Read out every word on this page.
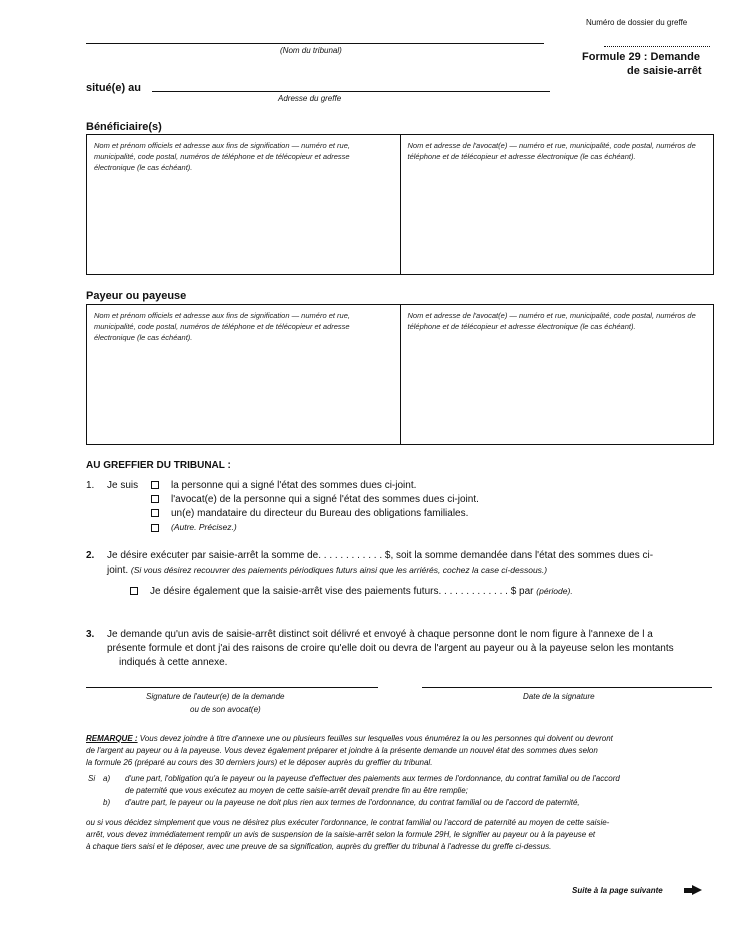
Numéro de dossier du greffe
(Nom du tribunal)
Formule 29 : Demande
de saisie-arrêt
situé(e) au
Adresse du greffe
Bénéficiaire(s)
Nom et prénom officiels et adresse aux fins de signification — numéro et rue, municipalité, code postal, numéros de téléphone et de télécopieur et adresse électronique (le cas échéant).
Nom et adresse de l'avocat(e) — numéro et rue, municipalité, code postal, numéros de téléphone et de télécopieur et adresse électronique (le cas échéant).
Payeur ou payeuse
Nom et prénom officiels et adresse aux fins de signification — numéro et rue, municipalité, code postal, numéros de téléphone et de télécopieur et adresse électronique (le cas échéant).
Nom et adresse de l'avocat(e) — numéro et rue, municipalité, code postal, numéros de téléphone et de télécopieur et adresse électronique (le cas échéant).
AU GREFFIER DU TRIBUNAL :
1. Je suis	la personne qui a signé l'état des sommes dues ci-joint.
l'avocat(e) de la personne qui a signé l'état des sommes dues ci-joint.
un(e) mandataire du directeur du Bureau des obligations familiales.
(Autre. Précisez.)
2. Je désire exécuter par saisie-arrêt la somme de. . . . . . . . . . . . $, soit la somme demandée dans l'état des sommes dues ci-
joint. (Si vous désirez recouvrer des paiements périodiques futurs ainsi que les arriérés, cochez la case ci-dessous.)
Je désire également que la saisie-arrêt vise des paiements futurs. . . . . . . . . . . . . $ par (période).
3. Je demande qu'un avis de saisie-arrêt distinct soit délivré et envoyé à chaque personne dont le nom figure à l'annexe de l a
présente formule et dont j'ai des raisons de croire qu'elle doit ou devra de l'argent au payeur ou à la payeuse selon les montants
indiqués à cette annexe.
Signature de l'auteur(e) de la demande
ou de son avocat(e)
Date de la signature
REMARQUE : Vous devez joindre à titre d'annexe une ou plusieurs feuilles sur lesquelles vous énumérez la ou les personnes qui doivent ou devront
de l'argent au payeur ou à la payeuse. Vous devez également préparer et joindre à la présente demande un nouvel état des sommes dues selon
la formule 26 (préparé au cours des 30 derniers jours) et le déposer auprès du greffier du tribunal.
Si a) d'une part, l'obligation qu'a le payeur ou la payeuse d'effectuer des paiements aux termes de l'ordonnance, du contrat familial ou de l'accord
de paternité que vous exécutez au moyen de cette saisie-arrêt devait prendre fin au être remplie;
b) d'autre part, le payeur ou la payeuse ne doit plus rien aux termes de l'ordonnance, du contrat familial ou de l'accord de paternité,
ou si vous décidez simplement que vous ne désirez plus exécuter l'ordonnance, le contrat familial ou l'accord de paternité au moyen de cette saisie-
arrêt, vous devez immédiatement remplir un avis de suspension de la saisie-arrêt selon la formule 29H, le signifier au payeur ou à la payeuse et
à chaque tiers saisi et le déposer, avec une preuve de sa signification, auprès du greffier du tribunal à l'adresse du greffe ci-dessus.
Suite à la page suivante
